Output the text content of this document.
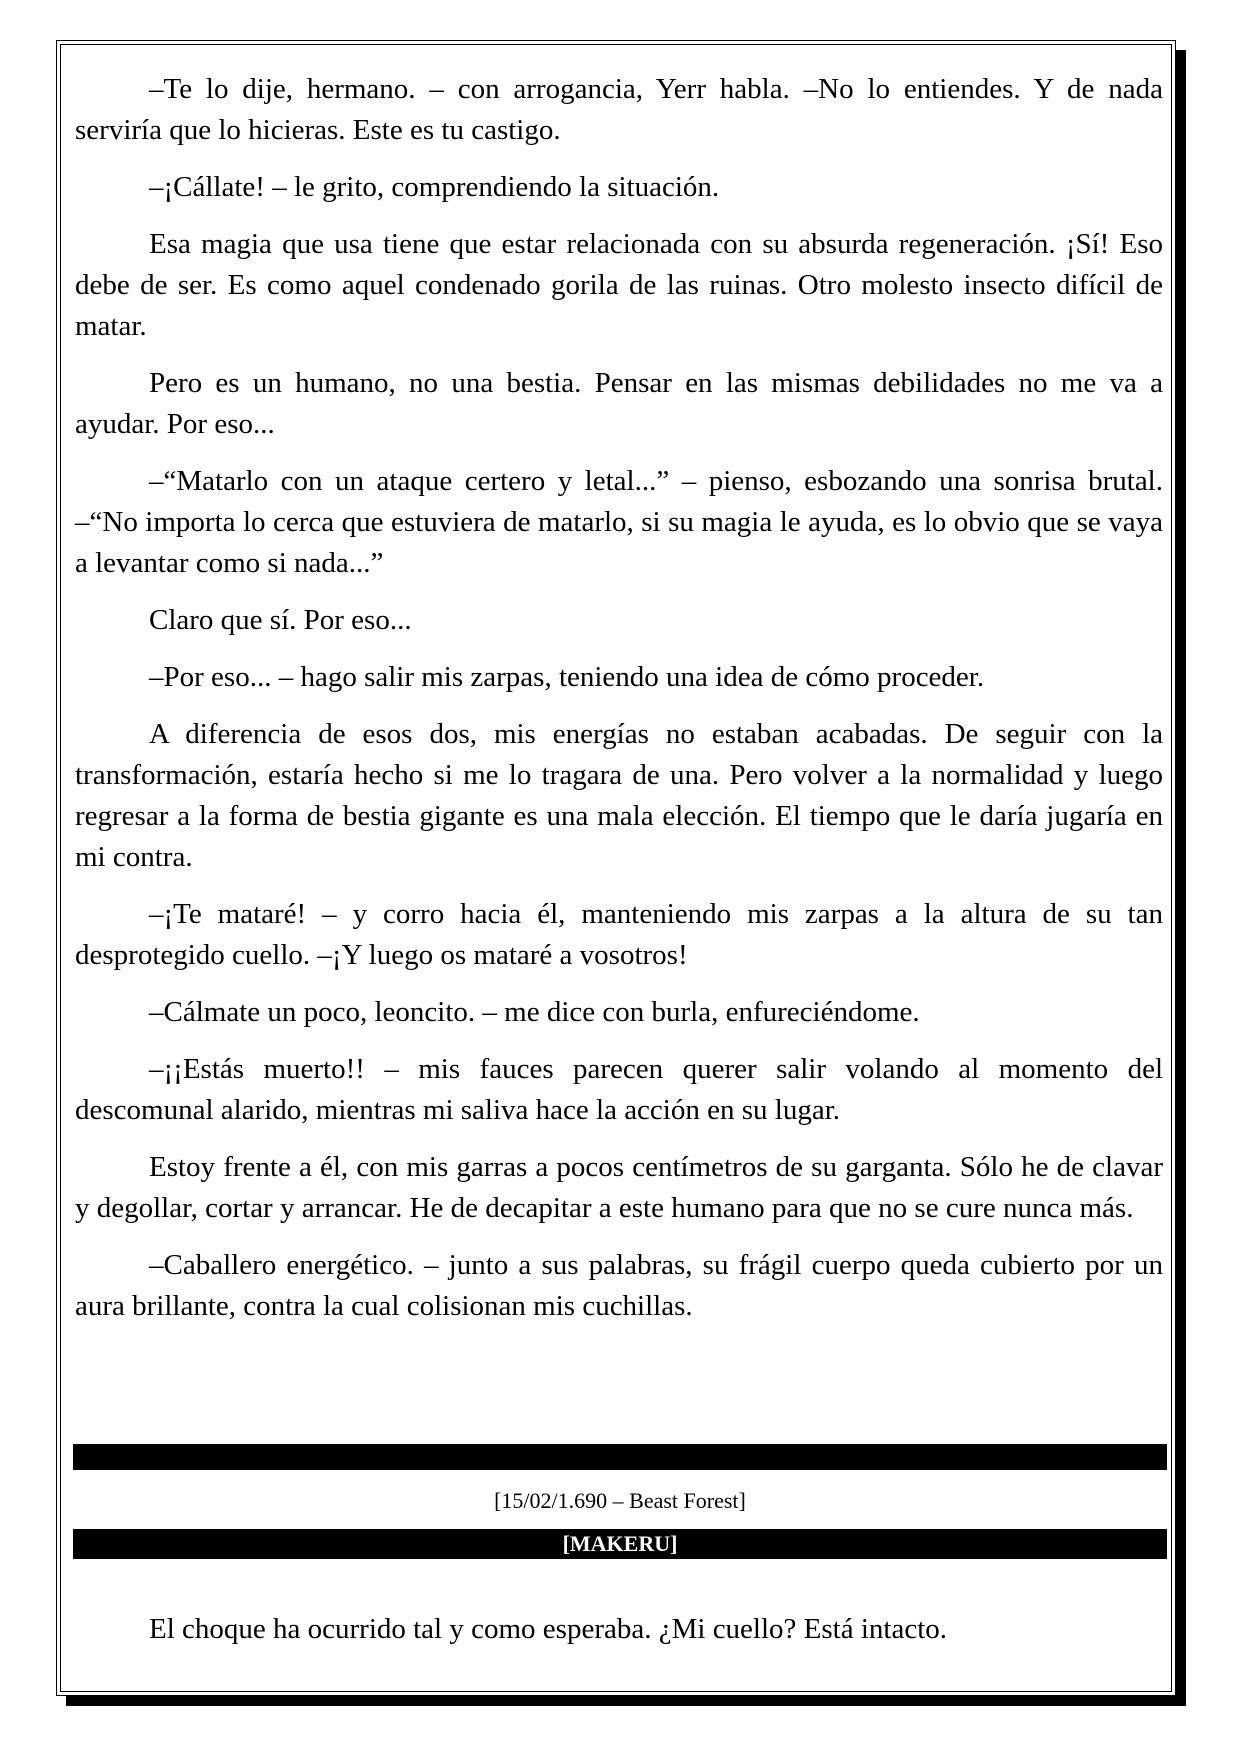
–Te lo dije, hermano. – con arrogancia, Yerr habla. –No lo entiendes. Y de nada serviría que lo hicieras. Este es tu castigo.

–¡Cállate! – le grito, comprendiendo la situación.

Esa magia que usa tiene que estar relacionada con su absurda regeneración. ¡Sí! Eso debe de ser. Es como aquel condenado gorila de las ruinas. Otro molesto insecto difícil de matar.

Pero es un humano, no una bestia. Pensar en las mismas debilidades no me va a ayudar. Por eso...

–“Matarlo con un ataque certero y letal...” – pienso, esbozando una sonrisa brutal. –“No importa lo cerca que estuviera de matarlo, si su magia le ayuda, es lo obvio que se vaya a levantar como si nada...”

Claro que sí. Por eso...

–Por eso... – hago salir mis zarpas, teniendo una idea de cómo proceder.

A diferencia de esos dos, mis energías no estaban acabadas. De seguir con la transformación, estaría hecho si me lo tragara de una. Pero volver a la normalidad y luego regresar a la forma de bestia gigante es una mala elección. El tiempo que le daría jugaría en mi contra.

–¡Te mataré! – y corro hacia él, manteniendo mis zarpas a la altura de su tan desprotegido cuello. –¡Y luego os mataré a vosotros!

–Cálmate un poco, leoncito. – me dice con burla, enfureciéndome.

–¡¡Estás muerto!! – mis fauces parecen querer salir volando al momento del descomunal alarido, mientras mi saliva hace la acción en su lugar.

Estoy frente a él, con mis garras a pocos centímetros de su garganta. Sólo he de clavar y degollar, cortar y arrancar. He de decapitar a este humano para que no se cure nunca más.

–Caballero energético. – junto a sus palabras, su frágil cuerpo queda cubierto por un aura brillante, contra la cual colisionan mis cuchillas.

[15/02/1.690 – Beast Forest]
[MAKERU]

El choque ha ocurrido tal y como esperaba. ¿Mi cuello? Está intacto.
